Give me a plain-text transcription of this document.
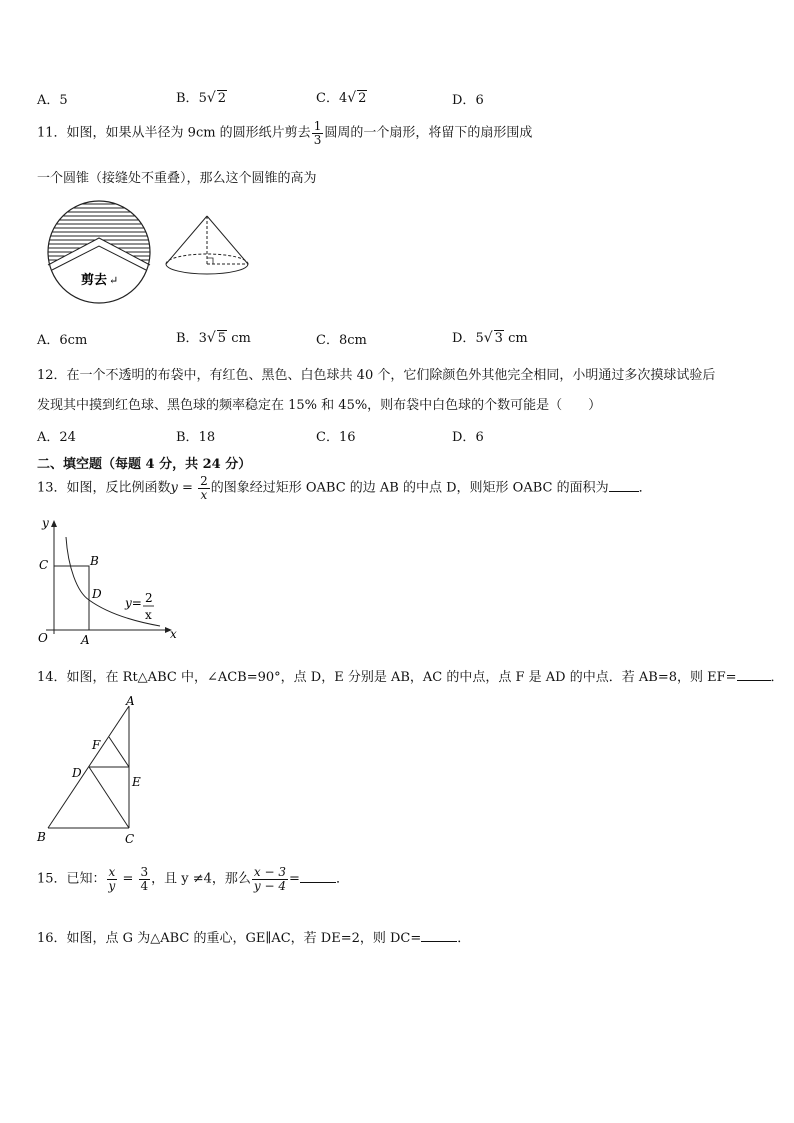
A．5	B．5√ 2	C．4√ 2	D．6
11．如图，如果从半径为 9cm 的圆形纸片剪去 $\frac{1}{3}$ 圆周的一个扇形，将留下的扇形围成
一个圆锥（接缝处不重叠），那么这个圆锥的高为
剪去 ↵
A．6cm	B．3√ 5 cm	C．8cm	D．5√ 3 cm
12．在一个不透明的布袋中，有红色、黑色、白色球共 40 个，它们除颜色外其他完全相同，小明通过多次摸球试验后
发现其中摸到红色球、黑色球的频率稳定在 15% 和 45%，则布袋中白色球的个数可能是（　　）
A．24	B．18	C．16	D．6
二、填空题（每题 4 分，共 24 分）
13．如图，反比例函数$y = \frac{2}{x}$ 的图象经过矩形 OABC 的边 AB 的中点 D，则矩形 OABC 的面积为 ．
y
x
O	A
B
C
D
y= 2
x
14．如图，在 Rt△ABC 中，∠ACB=90°，点 D，E 分别是 AB，AC 的中点，点 F 是 AD 的中点．若 AB=8，则 EF=	．
A
B	C
D
E
F
15．已知： $\frac{x}{y} = \frac{3}{4}$ ，且 y ≠4，那么 $\frac{x - 3}{y - 4}$ =	．
16．如图，点 G 为△ABC 的重心，GE∥AC，若 DE=2，则 DC=	．
